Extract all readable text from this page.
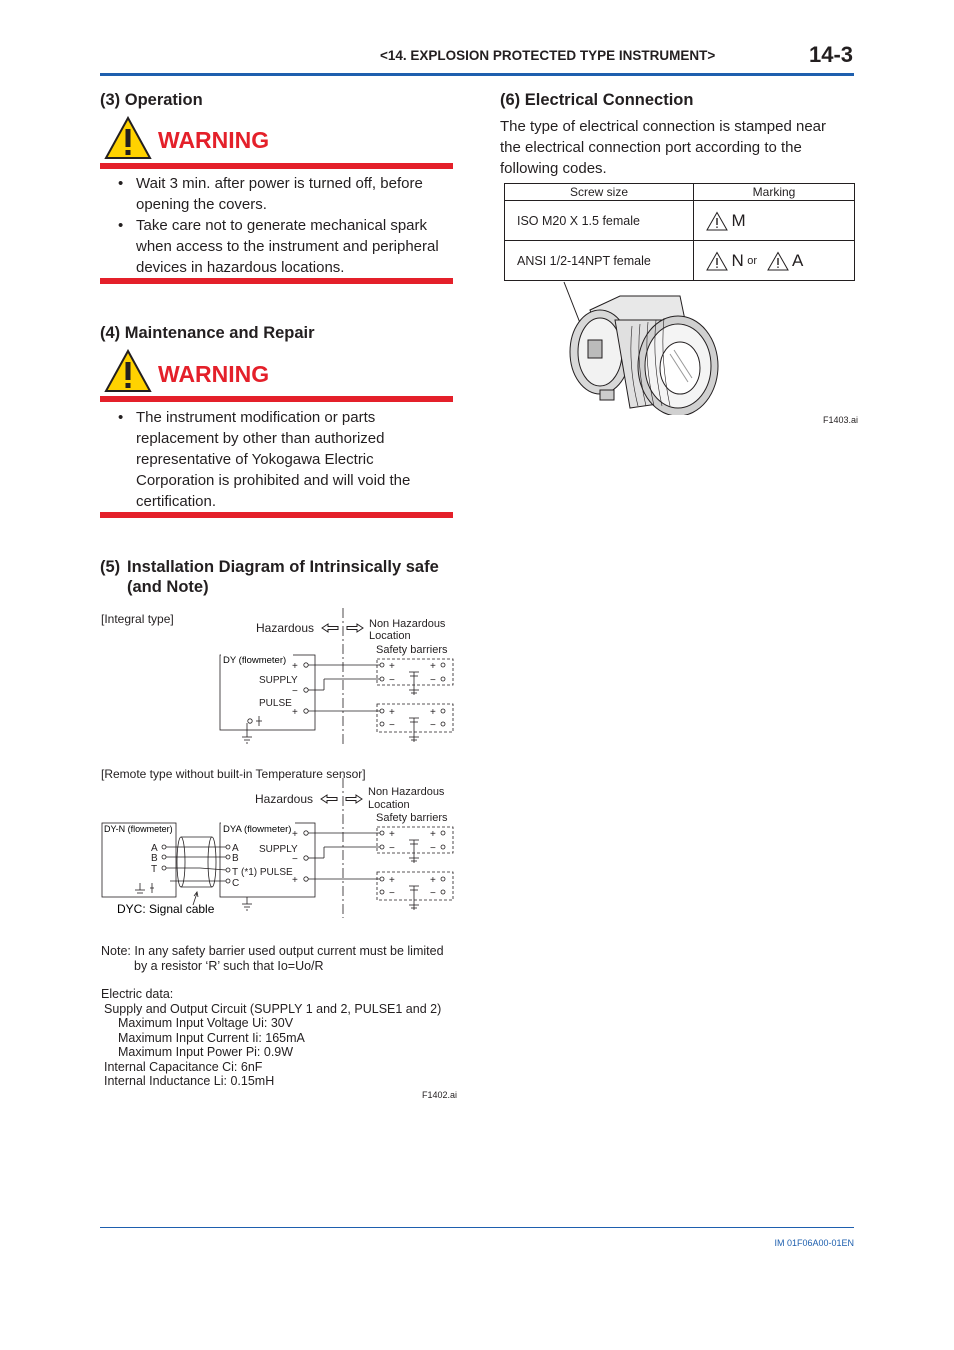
<14. EXPLOSION PROTECTED TYPE INSTRUMENT>	14-3
(3) Operation
WARNING
• Wait 3 min. after power is turned off, before opening the covers.
• Take care not to generate mechanical spark when access to the instrument and peripheral devices in hazardous locations.
(4) Maintenance and Repair
WARNING
• The instrument modification or parts replacement by other than authorized representative of Yokogawa Electric Corporation is prohibited and will void the certification.
(5) Installation Diagram of Intrinsically safe
(and Note)
[Integral type]
Hazardous
Hazardous
[Remote type without built-in Temperature sensor]
Non Hazardous
Location
Safety barriers
Non Hazardous
Location
Safety barriers
DY (flowmeter)
SUPPLY
PULSE
+
−
+
+
−
+
−
+
−
+
−
DY-N (flowmeter)
A
B
T
DYA (flowmeter)
A
B
T
C
SUPPLY
(*1) PULSE
+
−
+
DYC: Signal cable
+
−
+
−
+
−
+
−
Note: In any safety barrier used output current must be limited
by a resistor ‘R’ such that Io=Uo/R
Electric data:
Supply and Output Circuit (SUPPLY 1 and 2, PULSE1 and 2)
Maximum Input Voltage Ui: 30V
Maximum Input Current Ii: 165mA
Maximum Input Power Pi: 0.9W
Internal Capacitance Ci: 6nF
Internal Inductance Li: 0.15mH
F1402.ai
(6) Electrical Connection
The type of electrical connection is stamped near the electrical connection port according to the following codes.
Screw size	Marking
ISO M20 X 1.5 female	M
ANSI 1/2-14NPT female	N or A
F1403.ai
IM 01F06A00-01EN
